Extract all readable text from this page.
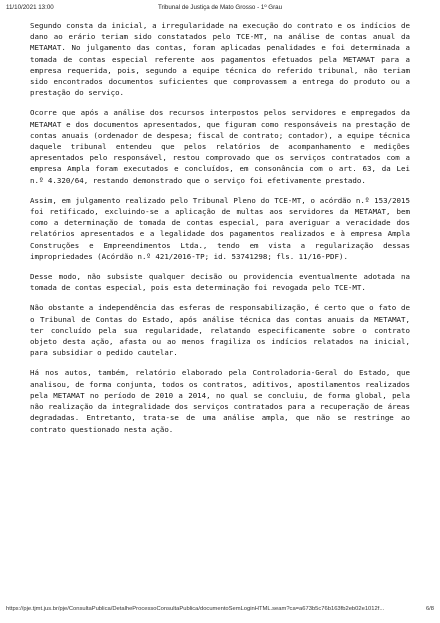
11/10/2021 13:00	Tribunal de Justiça de Mato Grosso - 1º Grau

Segundo consta da inicial, a irregularidade na execução do contrato e os indícios de dano ao erário teriam sido constatados pelo TCE-MT, na análise de contas anual da METAMAT. No julgamento das contas, foram aplicadas penalidades e foi determinada a tomada de contas especial referente aos pagamentos efetuados pela METAMAT para a empresa requerida, pois, segundo a equipe técnica do referido tribunal, não teriam sido encontrados documentos suficientes que comprovassem a entrega do produto ou a prestação do serviço.

Ocorre que após a análise dos recursos interpostos pelos servidores e empregados da METAMAT e dos documentos apresentados, que figuram como responsáveis na prestação de contas anuais (ordenador de despesa; fiscal de contrato; contador), a equipe técnica daquele tribunal entendeu que pelos relatórios de acompanhamento e medições apresentados pelo responsável, restou comprovado que os serviços contratados com a empresa Ampla foram executados e concluídos, em consonância com o art. 63, da Lei n.º 4.320/64, restando demonstrado que o serviço foi efetivamente prestado.

Assim, em julgamento realizado pelo Tribunal Pleno do TCE-MT, o acórdão n.º 153/2015 foi retificado, excluindo-se a aplicação de multas aos servidores da METAMAT, bem como a determinação de tomada de contas especial, para averiguar a veracidade dos relatórios apresentados e a legalidade dos pagamentos realizados e à empresa Ampla Construções e Empreendimentos Ltda., tendo em vista a regularização dessas impropriedades (Acórdão n.º 421/2016-TP; id. 53741298; fls. 11/16-PDF).

Desse modo, não subsiste qualquer decisão ou providencia eventualmente adotada na tomada de contas especial, pois esta determinação foi revogada pelo TCE-MT.

Não obstante a independência das esferas de responsabilização, é certo que o fato de o Tribunal de Contas do Estado, após análise técnica das contas anuais da METAMAT, ter concluído pela sua regularidade, relatando especificamente sobre o contrato objeto desta ação, afasta ou ao menos fragiliza os indícios relatados na inicial, para subsidiar o pedido cautelar.

Há nos autos, também, relatório elaborado pela Controladoria-Geral do Estado, que analisou, de forma conjunta, todos os contratos, aditivos, apostilamentos realizados pela METAMAT no período de 2010 a 2014, no qual se concluiu, de forma global, pela não realização da integralidade dos serviços contratados para a recuperação de áreas degradadas. Entretanto, trata-se de uma análise ampla, que não se restringe ao contrato questionado nesta ação.

https://pje.tjmt.jus.br/pje/ConsultaPublica/DetalheProcessoConsultaPublica/documentoSemLoginHTML.seam?ca=a673b5c76b163fb2eb02e1012f...	6/8
